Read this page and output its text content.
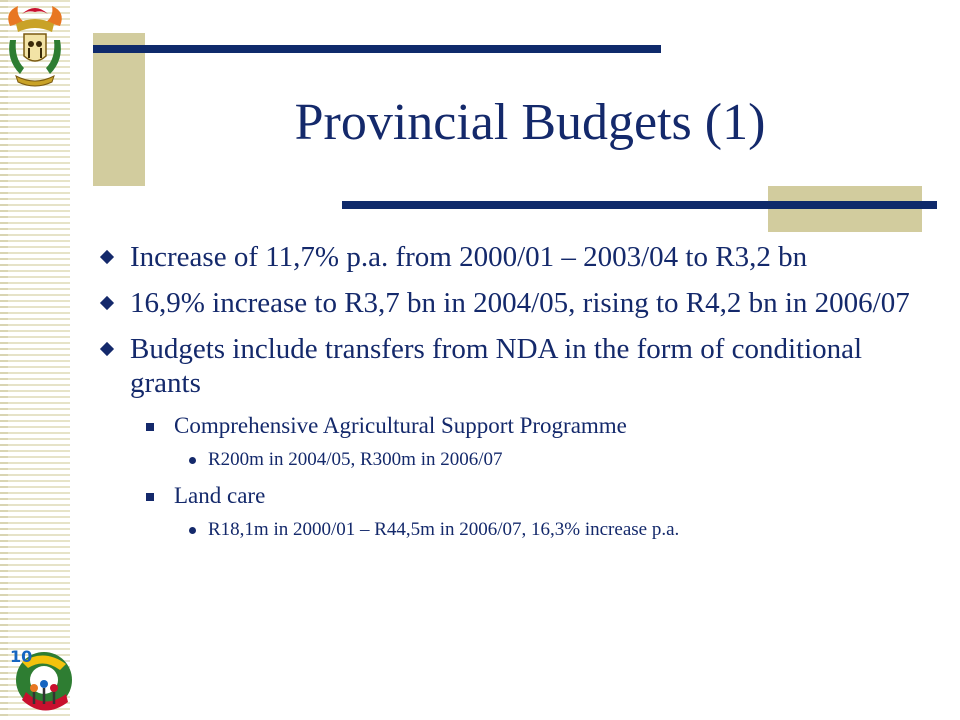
10
Provincial Budgets (1)
Increase of 11,7% p.a. from 2000/01 – 2003/04 to R3,2 bn
16,9% increase to R3,7 bn in 2004/05, rising to R4,2 bn in 2006/07
Budgets include transfers from NDA in the form of conditional grants
Comprehensive Agricultural Support Programme
R200m in 2004/05, R300m in 2006/07
Land care
R18,1m in 2000/01 – R44,5m in 2006/07, 16,3% increase p.a.
